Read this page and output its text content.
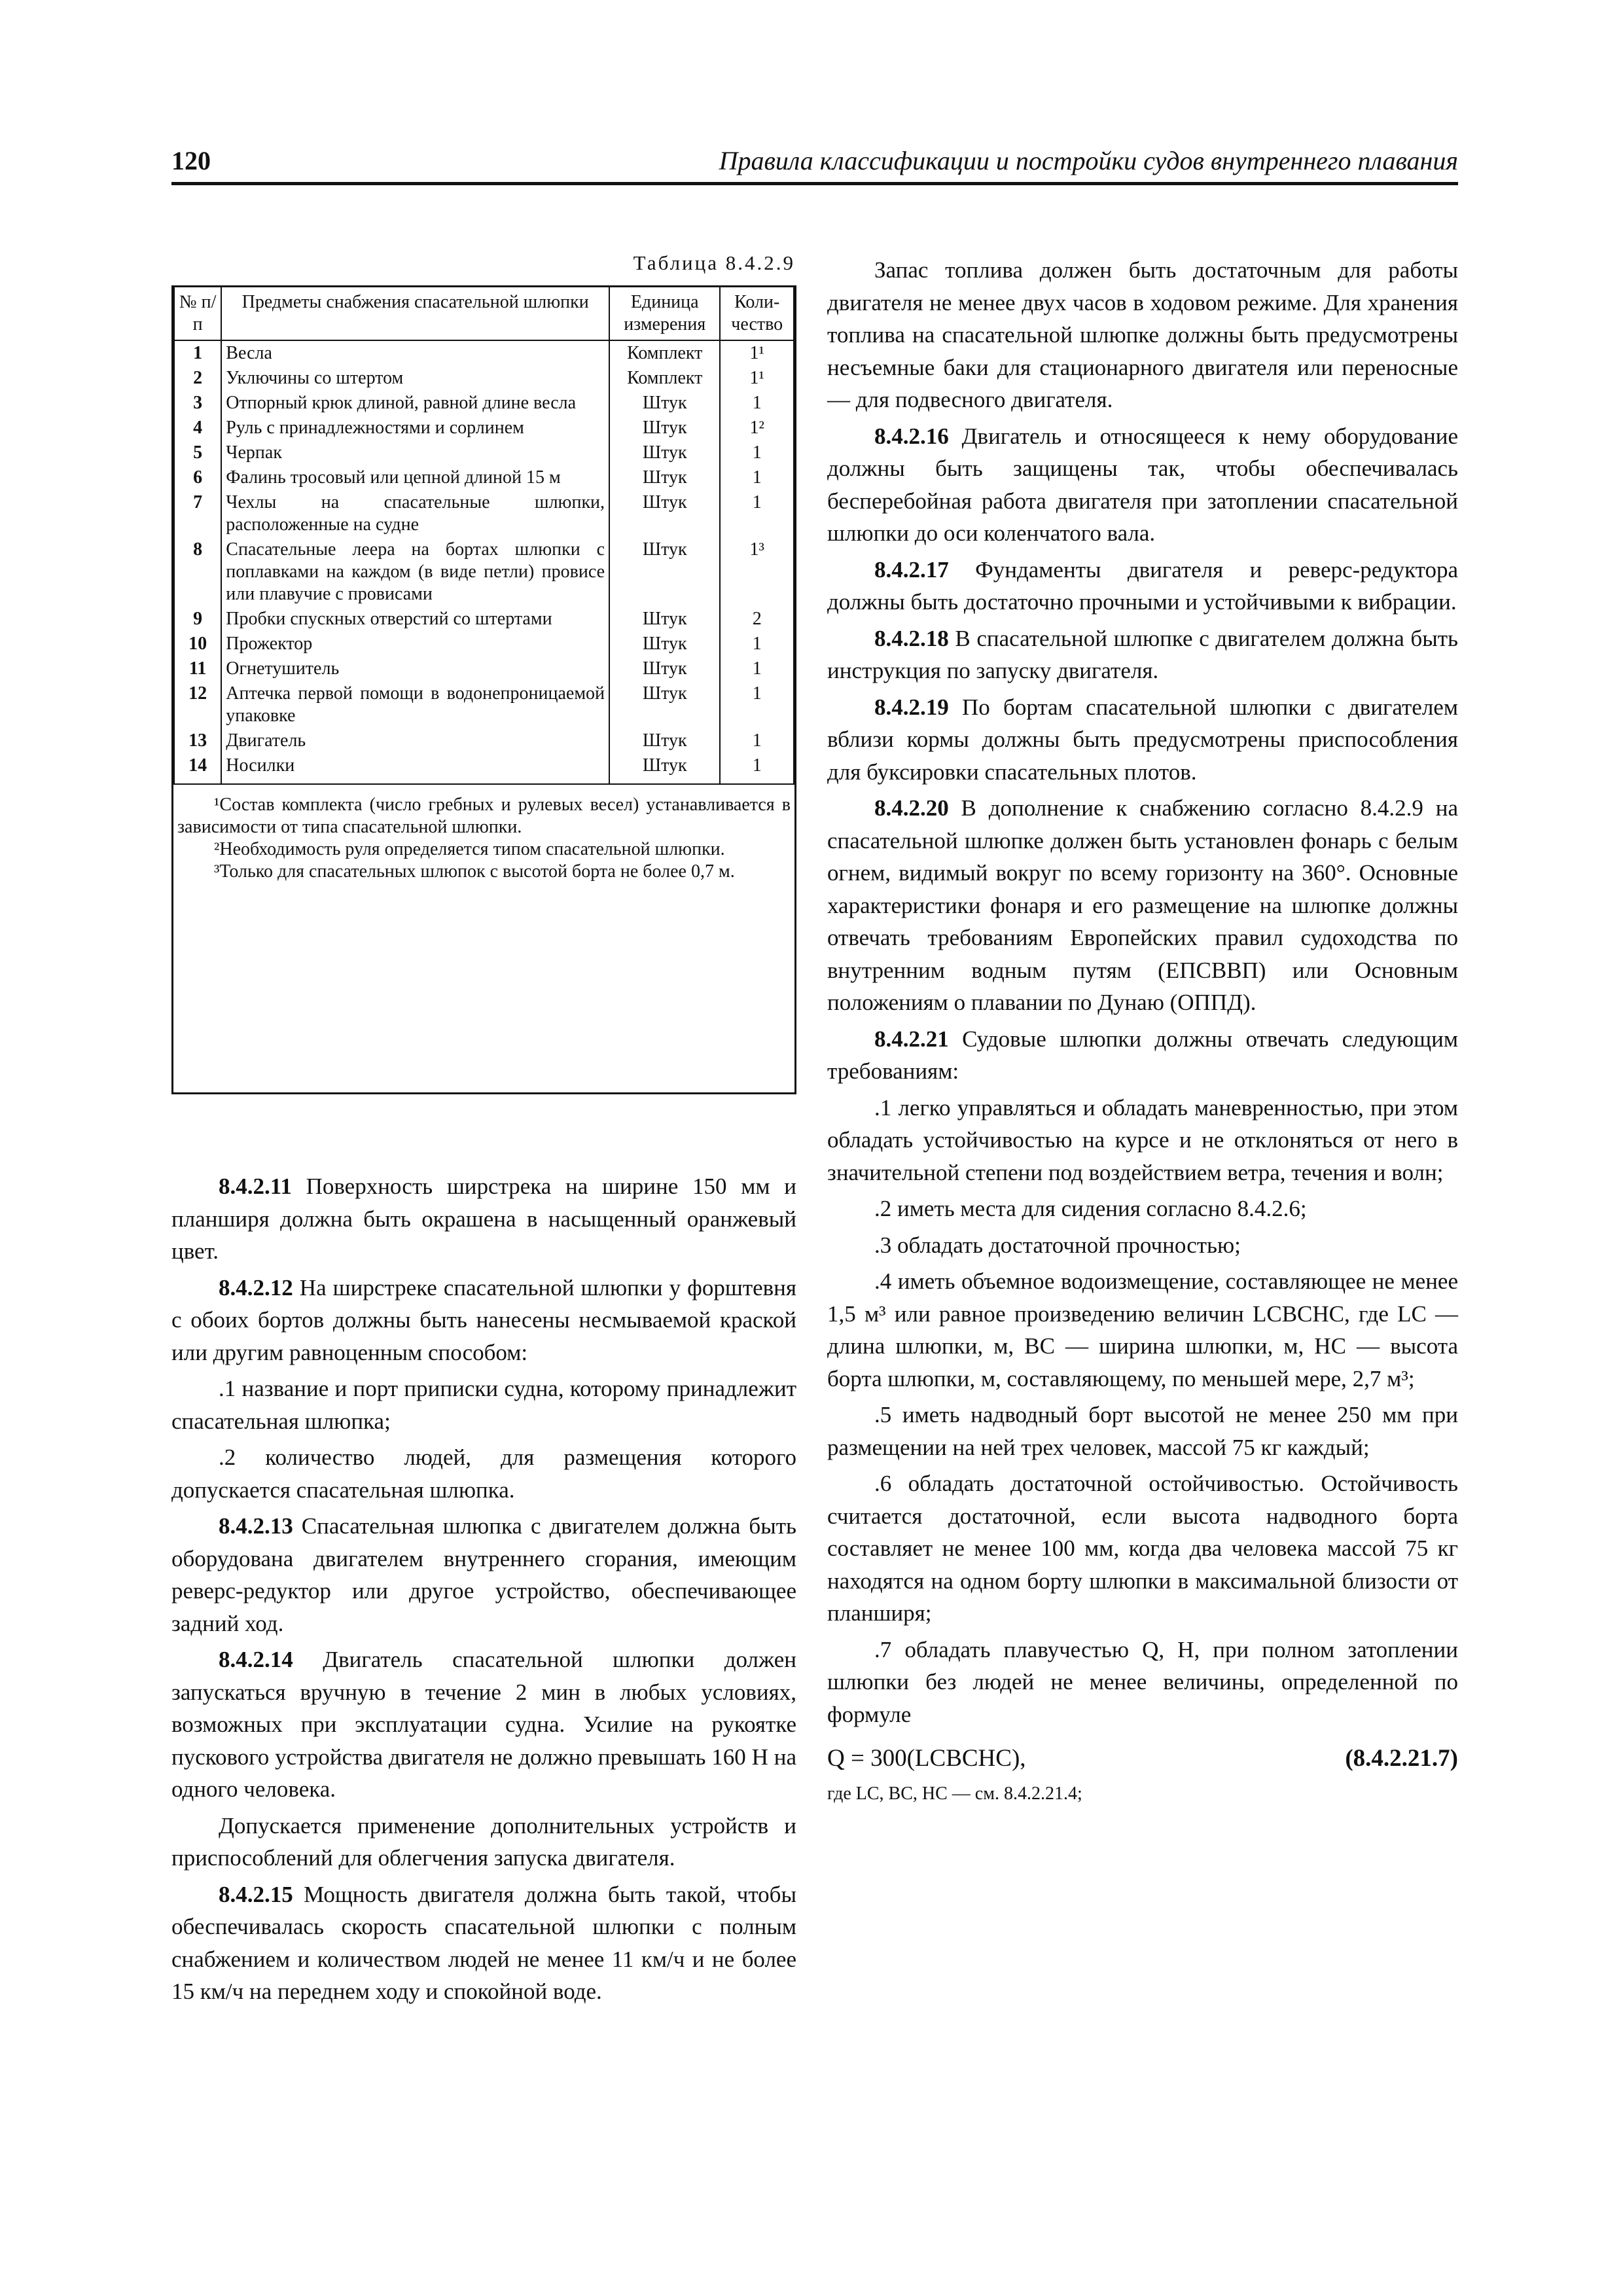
120	Правила классификации и постройки судов внутреннего плавания
Таблица 8.4.2.9
№ п/п	Предметы снабжения спасательной шлюпки	Единица измерения	Коли-чество
1	Весла	Комплект	1¹
2	Уключины со штертом	Комплект	1¹
3	Отпорный крюк длиной, равной длине весла	Штук	1
4	Руль с принадлежностями и сорлинем	Штук	1²
5	Черпак	Штук	1
6	Фалинь тросовый или цепной длиной 15 м	Штук	1
7	Чехлы на спасательные шлюпки, расположенные на судне	Штук	1
8	Спасательные леера на бортах шлюпки с поплавками на каждом (в виде петли) провисе или плавучие с провисами	Штук	1³
9	Пробки спускных отверстий со штертами	Штук	2
10	Прожектор	Штук	1
11	Огнетушитель	Штук	1
12	Аптечка первой помощи в водонепроницаемой упаковке	Штук	1
13	Двигатель	Штук	1
14	Носилки	Штук	1

¹Состав комплекта (число гребных и рулевых весел) устанавливается в зависимости от типа спасательной шлюпки.

²Необходимость руля определяется типом спасательной шлюпки.

³Только для спасательных шлюпок с высотой борта не более 0,7 м.

8.4.2.11 Поверхность ширстрека на ширине 150 мм и планширя должна быть окрашена в насыщенный оранжевый цвет.

8.4.2.12 На ширстреке спасательной шлюпки у форштевня с обоих бортов должны быть нанесены несмываемой краской или другим равноценным способом:

.1 название и порт приписки судна, которому принадлежит спасательная шлюпка;

.2 количество людей, для размещения которого допускается спасательная шлюпка.

8.4.2.13 Спасательная шлюпка с двигателем должна быть оборудована двигателем внутреннего сгорания, имеющим реверс-редуктор или другое устройство, обеспечивающее задний ход.

8.4.2.14 Двигатель спасательной шлюпки должен запускаться вручную в течение 2 мин в любых условиях, возможных при эксплуатации судна. Усилие на рукоятке пускового устройства двигателя не должно превышать 160 Н на одного человека.

Допускается применение дополнительных устройств и приспособлений для облегчения запуска двигателя.

8.4.2.15 Мощность двигателя должна быть такой, чтобы обеспечивалась скорость спасательной шлюпки с полным снабжением и количеством людей не менее 11 км/ч и не более 15 км/ч на переднем ходу и спокойной воде.

Запас топлива должен быть достаточным для работы двигателя не менее двух часов в ходовом режиме. Для хранения топлива на спасательной шлюпке должны быть предусмотрены несъемные баки для стационарного двигателя или переносные — для подвесного двигателя.

8.4.2.16 Двигатель и относящееся к нему оборудование должны быть защищены так, чтобы обеспечивалась бесперебойная работа двигателя при затоплении спасательной шлюпки до оси коленчатого вала.

8.4.2.17 Фундаменты двигателя и реверс-редуктора должны быть достаточно прочными и устойчивыми к вибрации.

8.4.2.18 В спасательной шлюпке с двигателем должна быть инструкция по запуску двигателя.

8.4.2.19 По бортам спасательной шлюпки с двигателем вблизи кормы должны быть предусмотрены приспособления для буксировки спасательных плотов.

8.4.2.20 В дополнение к снабжению согласно 8.4.2.9 на спасательной шлюпке должен быть установлен фонарь с белым огнем, видимый вокруг по всему горизонту на 360°. Основные характеристики фонаря и его размещение на шлюпке должны отвечать требованиям Европейских правил судоходства по внутренним водным путям (ЕПСВВП) или Основным положениям о плавании по Дунаю (ОППД).

8.4.2.21 Судовые шлюпки должны отвечать следующим требованиям:

.1 легко управляться и обладать маневренностью, при этом обладать устойчивостью на курсе и не отклоняться от него в значительной степени под воздействием ветра, течения и волн;

.2 иметь места для сидения согласно 8.4.2.6;

.3 обладать достаточной прочностью;

.4 иметь объемное водоизмещение, составляющее не менее 1,5 м³ или равное произведению величин LCBCHC, где LC — длина шлюпки, м, BC — ширина шлюпки, м, HC — высота борта шлюпки, м, составляющему, по меньшей мере, 2,7 м³;

.5 иметь надводный борт высотой не менее 250 мм при размещении на ней трех человек, массой 75 кг каждый;

.6 обладать достаточной остойчивостью. Остойчивость считается достаточной, если высота надводного борта составляет не менее 100 мм, когда два человека массой 75 кг находятся на одном борту шлюпки в максимальной близости от планширя;

.7 обладать плавучестью Q, Н, при полном затоплении шлюпки без людей не менее величины, определенной по формуле

Q = 300(LCBCHC),	(8.4.2.21.7)

где LC, BC, HC — см. 8.4.2.21.4;
